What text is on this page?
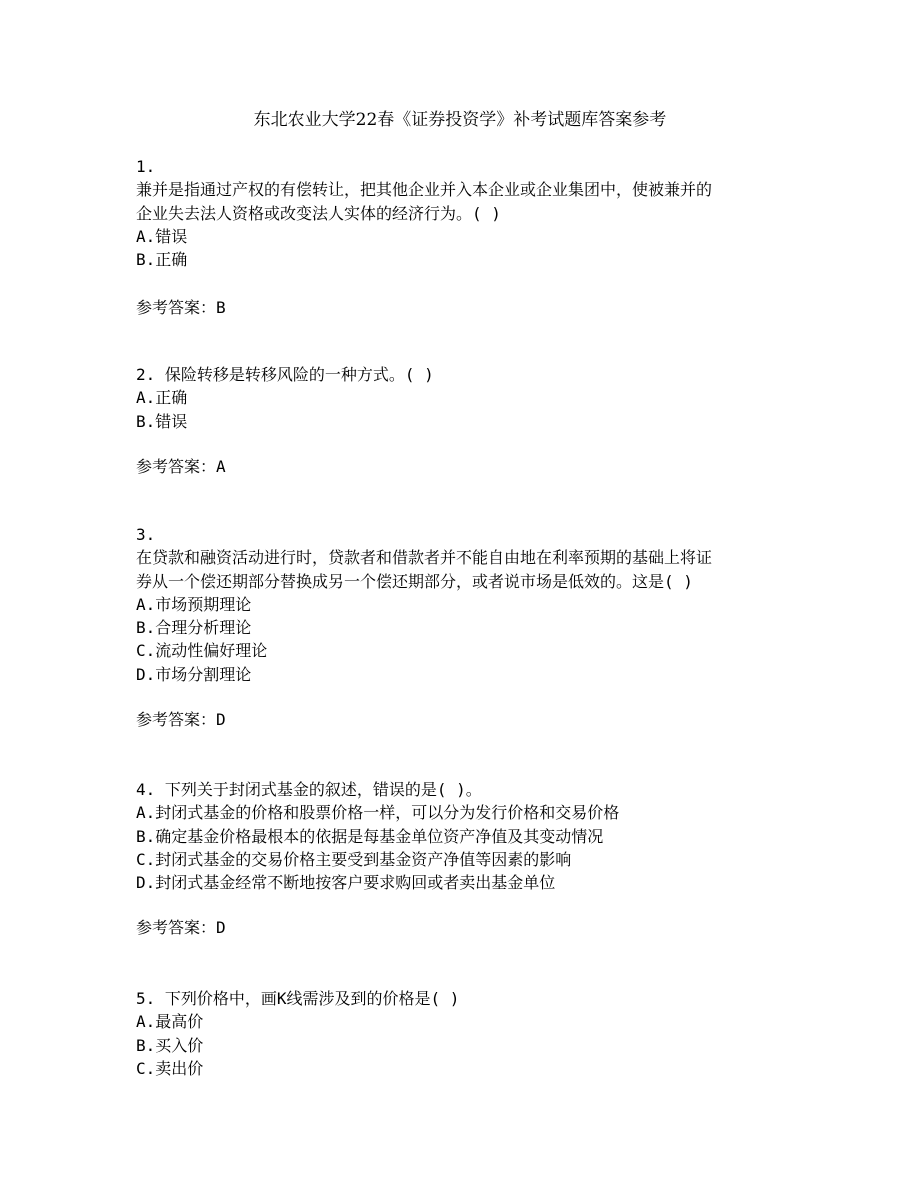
东北农业大学22春《证券投资学》补考试题库答案参考
1.
兼并是指通过产权的有偿转让，把其他企业并入本企业或企业集团中，使被兼并的
企业失去法人资格或改变法人实体的经济行为。( )
A.错误
B.正确
参考答案：B
2. 保险转移是转移风险的一种方式。( )
A.正确
B.错误
参考答案：A
3.
在贷款和融资活动进行时，贷款者和借款者并不能自由地在利率预期的基础上将证
券从一个偿还期部分替换成另一个偿还期部分，或者说市场是低效的。这是( )
A.市场预期理论
B.合理分析理论
C.流动性偏好理论
D.市场分割理论
参考答案：D
4. 下列关于封闭式基金的叙述，错误的是( )。
A.封闭式基金的价格和股票价格一样，可以分为发行价格和交易价格
B.确定基金价格最根本的依据是每基金单位资产净值及其变动情况
C.封闭式基金的交易价格主要受到基金资产净值等因素的影响
D.封闭式基金经常不断地按客户要求购回或者卖出基金单位
参考答案：D
5. 下列价格中，画K线需涉及到的价格是( )
A.最高价
B.买入价
C.卖出价
